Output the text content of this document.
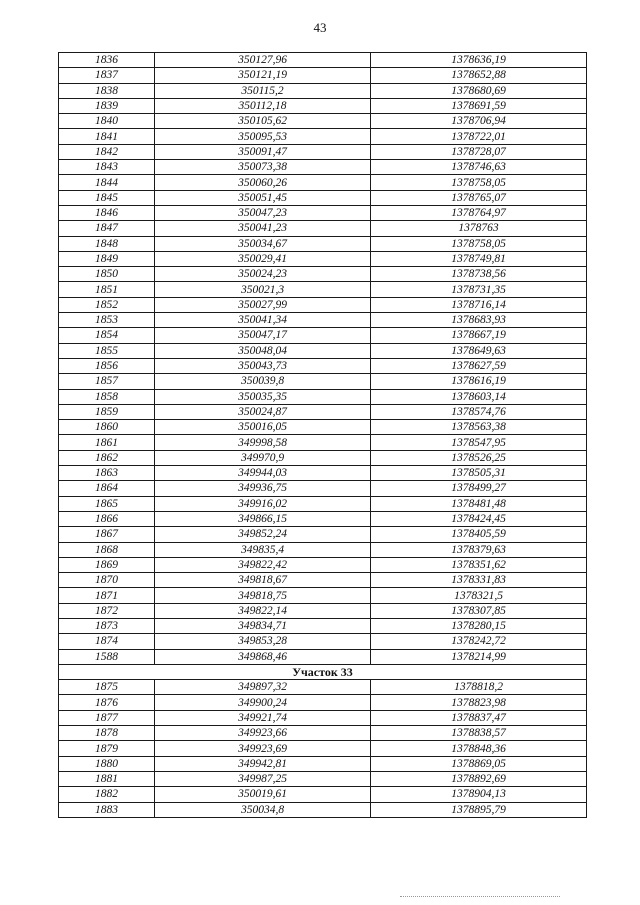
43
1836	350127,96	1378636,19
1837	350121,19	1378652,88
1838	350115,2	1378680,69
1839	350112,18	1378691,59
1840	350105,62	1378706,94
1841	350095,53	1378722,01
1842	350091,47	1378728,07
1843	350073,38	1378746,63
1844	350060,26	1378758,05
1845	350051,45	1378765,07
1846	350047,23	1378764,97
1847	350041,23	1378763
1848	350034,67	1378758,05
1849	350029,41	1378749,81
1850	350024,23	1378738,56
1851	350021,3	1378731,35
1852	350027,99	1378716,14
1853	350041,34	1378683,93
1854	350047,17	1378667,19
1855	350048,04	1378649,63
1856	350043,73	1378627,59
1857	350039,8	1378616,19
1858	350035,35	1378603,14
1859	350024,87	1378574,76
1860	350016,05	1378563,38
1861	349998,58	1378547,95
1862	349970,9	1378526,25
1863	349944,03	1378505,31
1864	349936,75	1378499,27
1865	349916,02	1378481,48
1866	349866,15	1378424,45
1867	349852,24	1378405,59
1868	349835,4	1378379,63
1869	349822,42	1378351,62
1870	349818,67	1378331,83
1871	349818,75	1378321,5
1872	349822,14	1378307,85
1873	349834,71	1378280,15
1874	349853,28	1378242,72
1588	349868,46	1378214,99
Участок 33		
1875	349897,32	1378818,2
1876	349900,24	1378823,98
1877	349921,74	1378837,47
1878	349923,66	1378838,57
1879	349923,69	1378848,36
1880	349942,81	1378869,05
1881	349987,25	1378892,69
1882	350019,61	1378904,13
1883	350034,8	1378895,79
